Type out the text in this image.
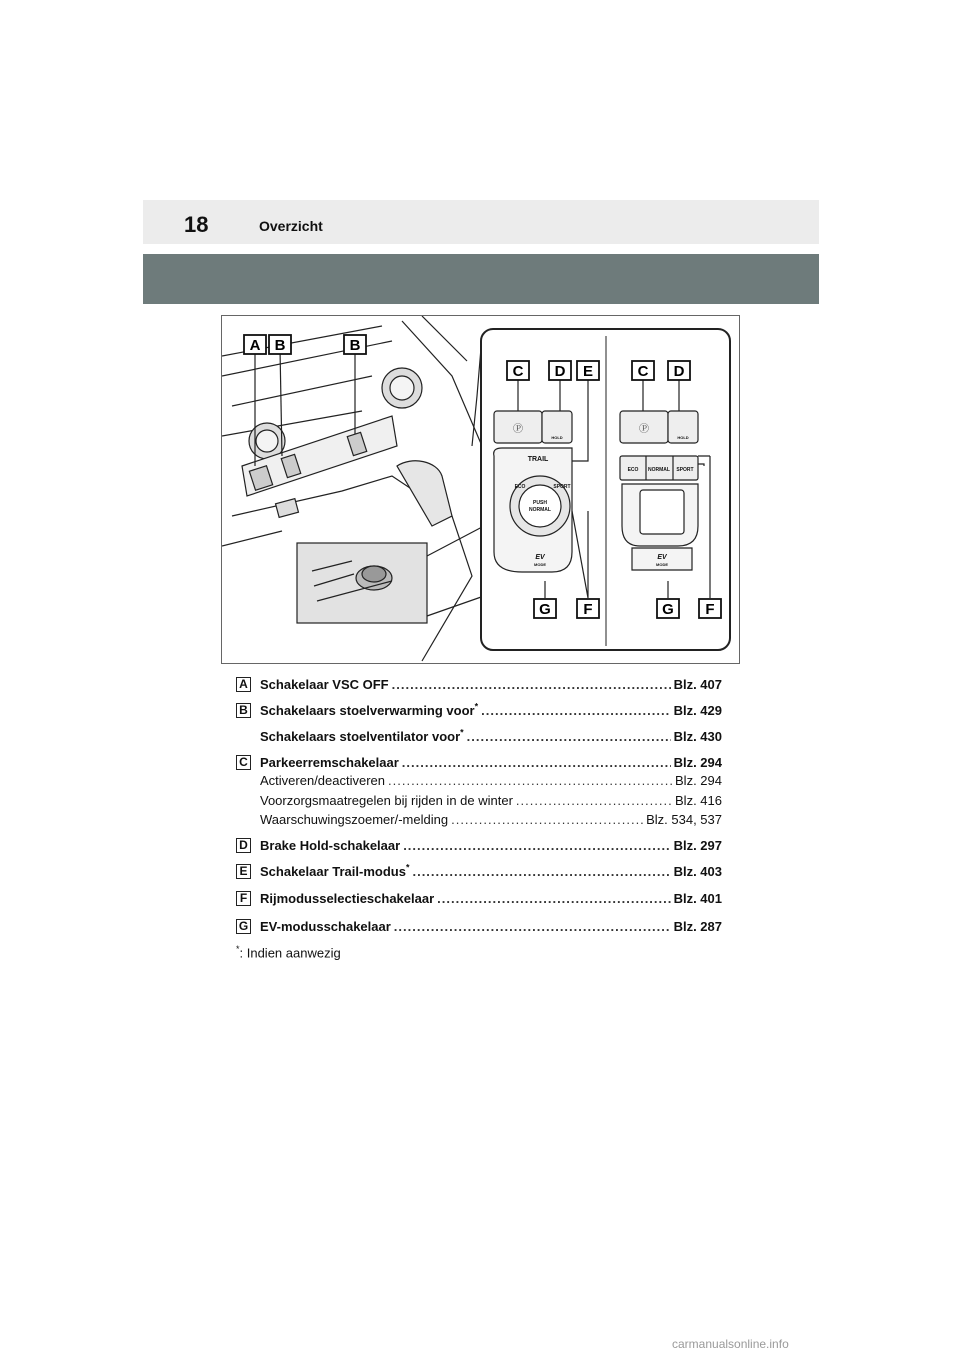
18	Overzicht
TRAIL
ECO	SPORT
PUSH
NORMAL
EV
MODE
HOLD	HOLD
ECO NORMAL SPORT
EV
MODE
Ⓟ	Ⓟ
A B	B
C D E	C D
G F	G F
A Schakelaar VSC OFF .....	Blz. 407
B Schakelaars stoelverwarming voor* .....	Blz. 429
Schakelaars stoelventilator voor* .....	Blz. 430
C Parkeerremschakelaar .....	Blz. 294
Activeren/deactiveren .....	Blz. 294
Voorzorgsmaatregelen bij rijden in de winter .....	Blz. 416
Waarschuwingszoemer/-melding .....	Blz. 534, 537
D Brake Hold-schakelaar .....	Blz. 297
E Schakelaar Trail-modus* .....	Blz. 403
F Rijmodusselectieschakelaar .....	Blz. 401
G EV-modusschakelaar .....	Blz. 287
*: Indien aanwezig
carmanualsonline.info
